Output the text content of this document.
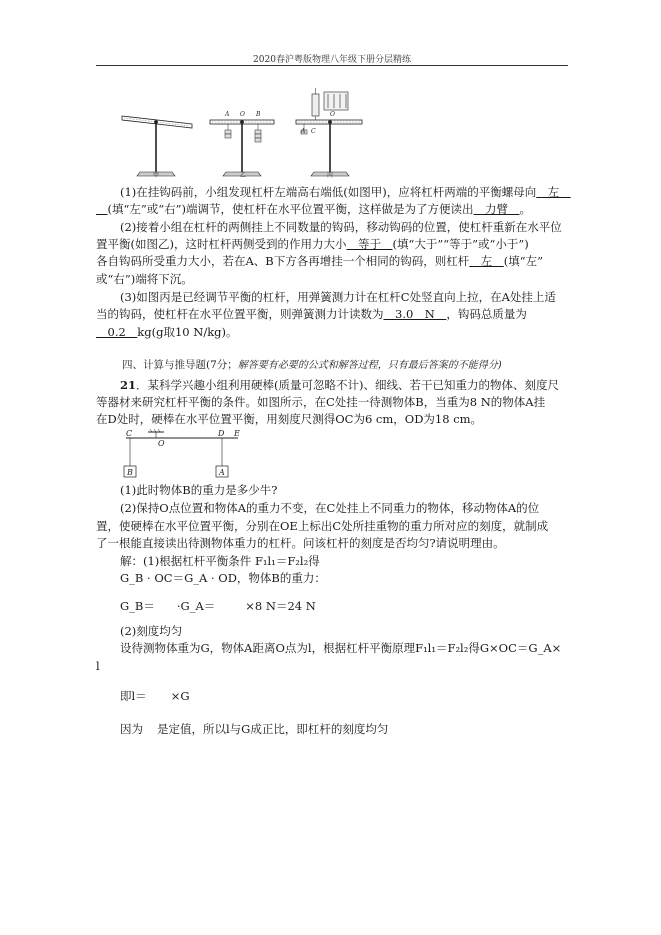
2020春沪粤版物理八年级下册分层精练
A O B
A C
O
甲	乙	丙
(1)在挂钩码前，小组发现杠杆左端高右端低(如图甲)，应将杠杆两端的平衡螺母向　左　
　(填“左”或“右”)端调节，使杠杆在水平位置平衡，这样做是为了方便读出　力臂　。
(2)接着小组在杠杆的两侧挂上不同数量的钩码，移动钩码的位置，使杠杆重新在水平位
置平衡(如图乙)，这时杠杆两侧受到的作用力大小　等于　(填“大于”“等于”或“小于”)
各自钩码所受重力大小，若在A、B下方各再增挂一个相同的钩码，则杠杆　左　(填“左”
或“右”)端将下沉。
(3)如图丙是已经调节平衡的杠杆，用弹簧测力计在杠杆C处竖直向上拉，在A处挂上适
当的钩码，使杠杆在水平位置平衡，则弹簧测力计读数为　3.0　N　，钩码总质量为
　0.2　kg(g取10 N/kg)。
四、计算与推导题(7分；解答要有必要的公式和解答过程，只有最后答案的不能得分)
21．某科学兴趣小组利用硬棒(质量可忽略不计)、细线、若干已知重力的物体、刻度尺
等器材来研究杠杆平衡的条件。如图所示，在C处挂一待测物体B，当重为8 N的物体A挂
在D处时，硬棒在水平位置平衡，用刻度尺测得OC为6 cm，OD为18 cm。
C
O
D E
B	A
(1)此时物体B的重力是多少牛?
(2)保持O点位置和物体A的重力不变，在C处挂上不同重力的物体，移动物体A的位
置，使硬棒在水平位置平衡，分别在OE上标出C处所挂重物的重力所对应的刻度，就制成
了一根能直接读出待测物体重力的杠杆。问该杠杆的刻度是否均匀?请说明理由。
解：(1)根据杠杆平衡条件 F₁l₁＝F₂l₂得
G_B · OC＝G_A · OD，物体B的重力：
G_B＝ ·G_A＝	×8 N＝24 N
(2)刻度均匀
设待测物体重为G，物体A距离O点为l，根据杠杆平衡原理F₁l₁＝F₂l₂得G×OC＝G_A×
l
即l＝ ×G
因为 是定值，所以l与G成正比，即杠杆的刻度均匀
